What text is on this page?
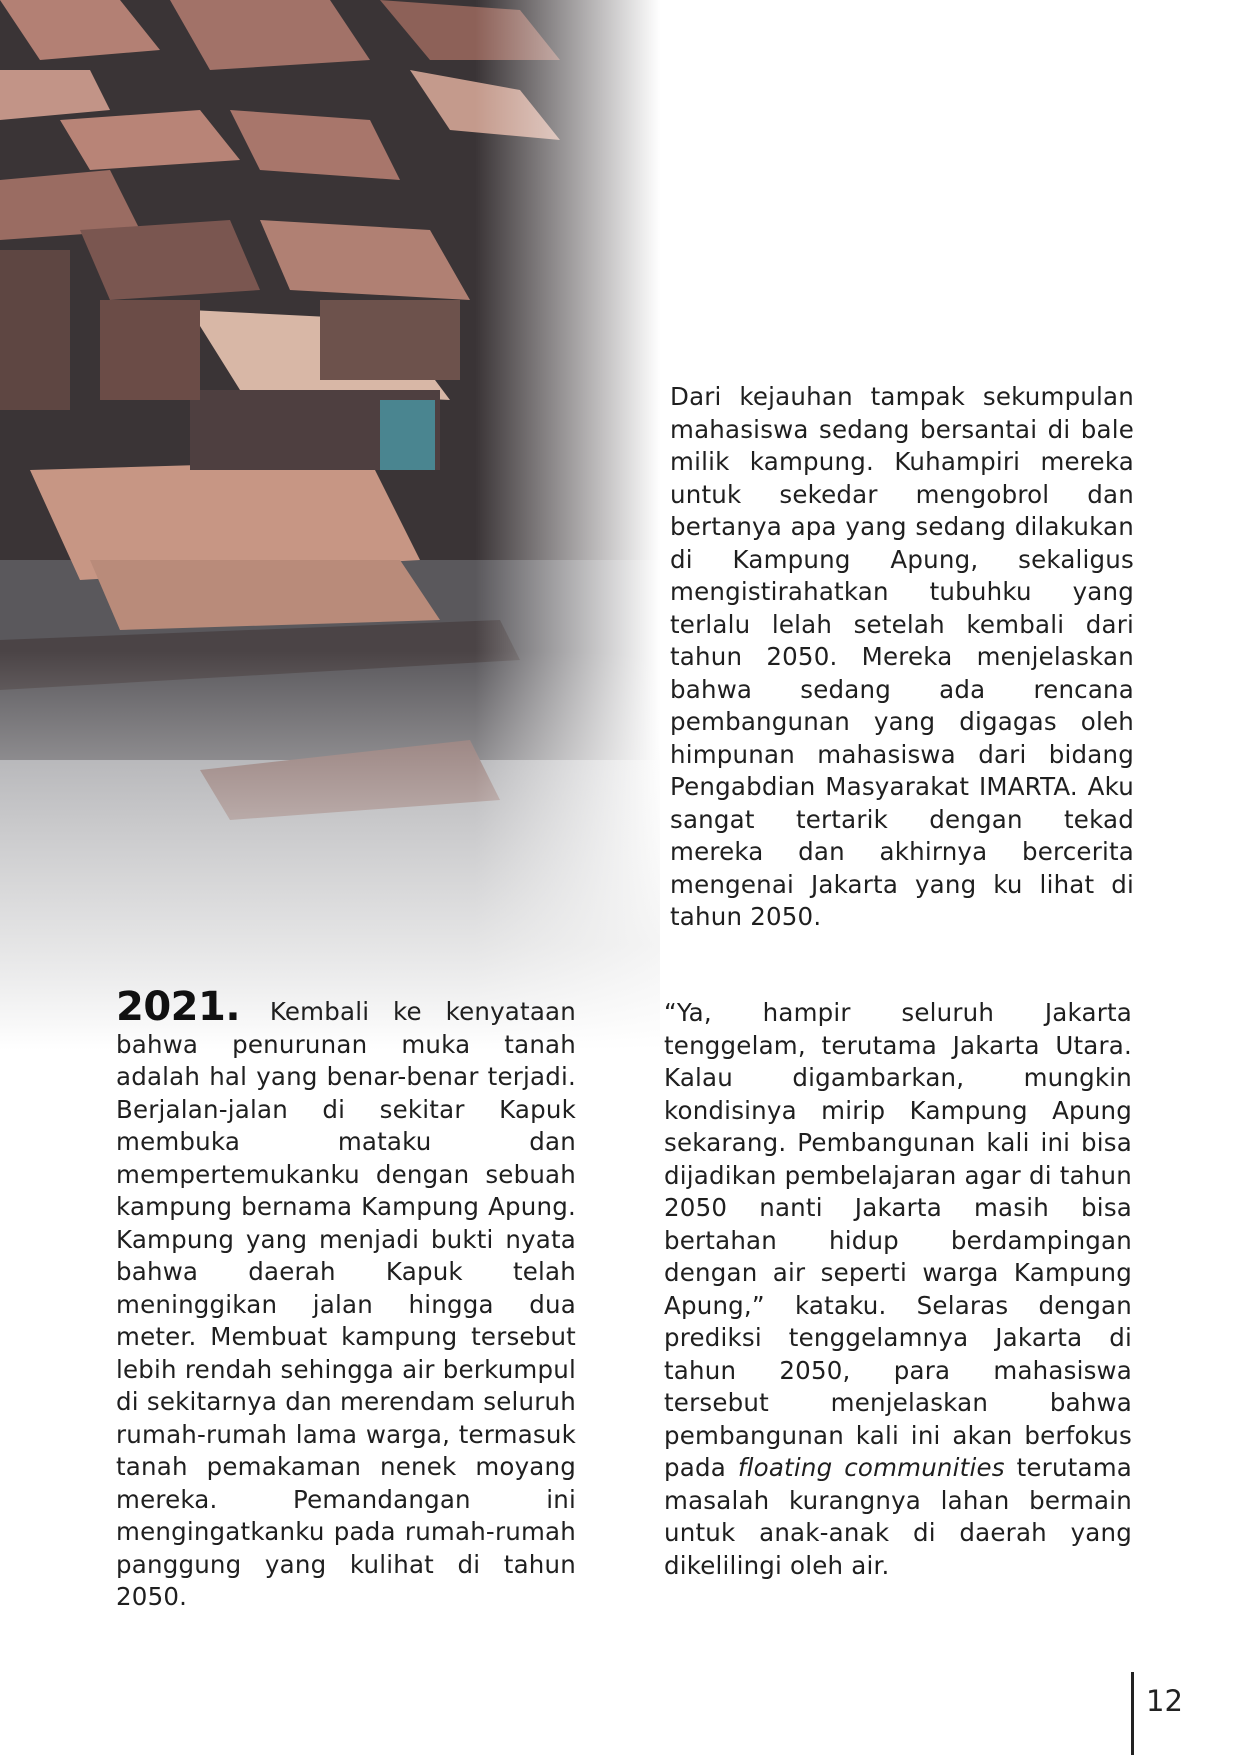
Dari kejauhan tampak sekumpulan mahasiswa sedang bersantai di bale milik kampung. Kuhampiri mereka untuk sekedar mengobrol dan bertanya apa yang sedang dilakukan di Kampung Apung, sekaligus mengistirahatkan tubuhku yang terlalu lelah setelah kembali dari tahun 2050. Mereka menjelaskan bahwa sedang ada rencana pembangunan yang digagas oleh himpunan mahasiswa dari bidang Pengabdian Masyarakat IMARTA. Aku sangat tertarik dengan tekad mereka dan akhirnya bercerita mengenai Jakarta yang ku lihat di tahun 2050.

2021. Kembali ke kenyataan bahwa penurunan muka tanah adalah hal yang benar-benar terjadi. Berjalan-jalan di sekitar Kapuk membuka mataku dan mempertemukanku dengan sebuah kampung bernama Kampung Apung. Kampung yang menjadi bukti nyata bahwa daerah Kapuk telah meninggikan jalan hingga dua meter. Membuat kampung tersebut lebih rendah sehingga air berkumpul di sekitarnya dan merendam seluruh rumah-rumah lama warga, termasuk tanah pemakaman nenek moyang mereka. Pemandangan ini mengingatkanku pada rumah-rumah panggung yang kulihat di tahun 2050.

“Ya, hampir seluruh Jakarta tenggelam, terutama Jakarta Utara. Kalau digambarkan, mungkin kondisinya mirip Kampung Apung sekarang. Pembangunan kali ini bisa dijadikan pembelajaran agar di tahun 2050 nanti Jakarta masih bisa bertahan hidup berdampingan dengan air seperti warga Kampung Apung,” kataku. Selaras dengan prediksi tenggelamnya Jakarta di tahun 2050, para mahasiswa tersebut menjelaskan bahwa pembangunan kali ini akan berfokus pada floating communities terutama masalah kurangnya lahan bermain untuk anak-anak di daerah yang dikelilingi oleh air.

12
